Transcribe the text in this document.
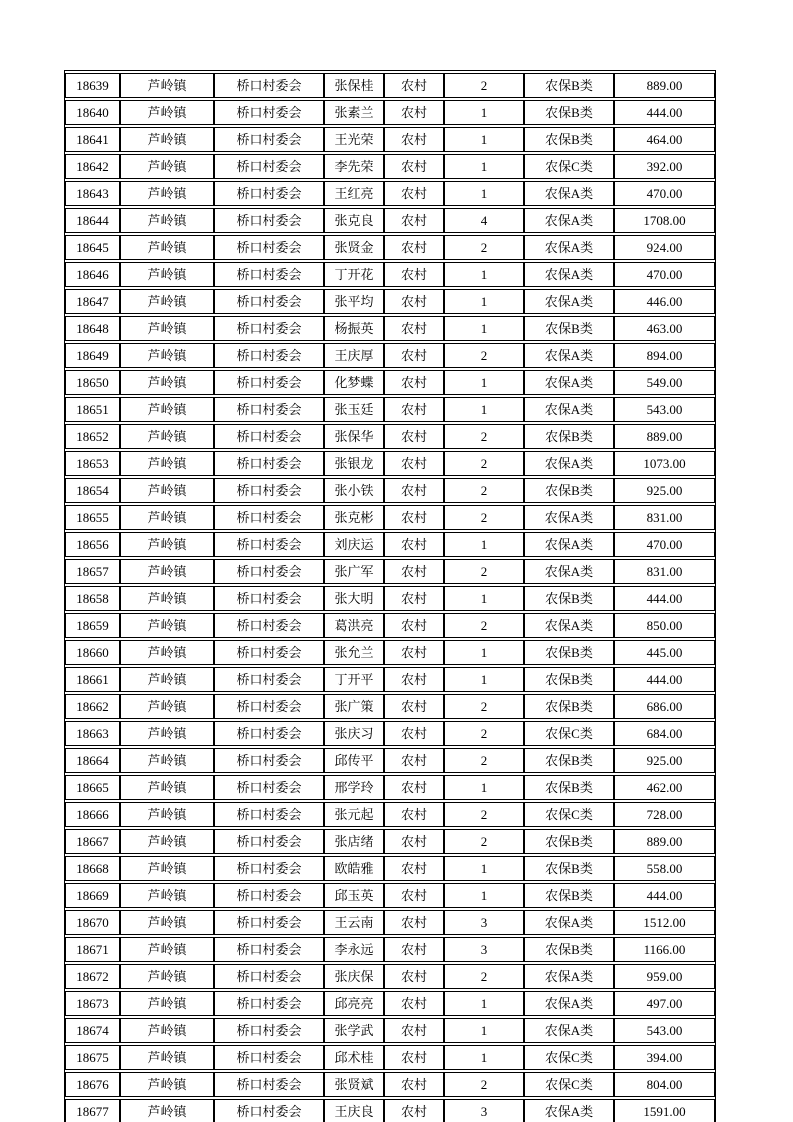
18639	芦岭镇	桥口村委会	张保桂	农村	2	农保B类	889.00
18640	芦岭镇	桥口村委会	张素兰	农村	1	农保B类	444.00
18641	芦岭镇	桥口村委会	王光荣	农村	1	农保B类	464.00
18642	芦岭镇	桥口村委会	李先荣	农村	1	农保C类	392.00
18643	芦岭镇	桥口村委会	王红亮	农村	1	农保A类	470.00
18644	芦岭镇	桥口村委会	张克良	农村	4	农保A类	1708.00
18645	芦岭镇	桥口村委会	张贤金	农村	2	农保A类	924.00
18646	芦岭镇	桥口村委会	丁开花	农村	1	农保A类	470.00
18647	芦岭镇	桥口村委会	张平均	农村	1	农保A类	446.00
18648	芦岭镇	桥口村委会	杨振英	农村	1	农保B类	463.00
18649	芦岭镇	桥口村委会	王庆厚	农村	2	农保A类	894.00
18650	芦岭镇	桥口村委会	化梦蝶	农村	1	农保A类	549.00
18651	芦岭镇	桥口村委会	张玉廷	农村	1	农保A类	543.00
18652	芦岭镇	桥口村委会	张保华	农村	2	农保B类	889.00
18653	芦岭镇	桥口村委会	张银龙	农村	2	农保A类	1073.00
18654	芦岭镇	桥口村委会	张小铁	农村	2	农保B类	925.00
18655	芦岭镇	桥口村委会	张克彬	农村	2	农保A类	831.00
18656	芦岭镇	桥口村委会	刘庆运	农村	1	农保A类	470.00
18657	芦岭镇	桥口村委会	张广军	农村	2	农保A类	831.00
18658	芦岭镇	桥口村委会	张大明	农村	1	农保B类	444.00
18659	芦岭镇	桥口村委会	葛洪亮	农村	2	农保A类	850.00
18660	芦岭镇	桥口村委会	张允兰	农村	1	农保B类	445.00
18661	芦岭镇	桥口村委会	丁开平	农村	1	农保B类	444.00
18662	芦岭镇	桥口村委会	张广策	农村	2	农保B类	686.00
18663	芦岭镇	桥口村委会	张庆习	农村	2	农保C类	684.00
18664	芦岭镇	桥口村委会	邱传平	农村	2	农保B类	925.00
18665	芦岭镇	桥口村委会	邢学玲	农村	1	农保B类	462.00
18666	芦岭镇	桥口村委会	张元起	农村	2	农保C类	728.00
18667	芦岭镇	桥口村委会	张店绪	农村	2	农保B类	889.00
18668	芦岭镇	桥口村委会	欧皓雅	农村	1	农保B类	558.00
18669	芦岭镇	桥口村委会	邱玉英	农村	1	农保B类	444.00
18670	芦岭镇	桥口村委会	王云南	农村	3	农保A类	1512.00
18671	芦岭镇	桥口村委会	李永远	农村	3	农保B类	1166.00
18672	芦岭镇	桥口村委会	张庆保	农村	2	农保A类	959.00
18673	芦岭镇	桥口村委会	邱亮亮	农村	1	农保A类	497.00
18674	芦岭镇	桥口村委会	张学武	农村	1	农保A类	543.00
18675	芦岭镇	桥口村委会	邱术桂	农村	1	农保C类	394.00
18676	芦岭镇	桥口村委会	张贤斌	农村	2	农保C类	804.00
18677	芦岭镇	桥口村委会	王庆良	农村	3	农保A类	1591.00
